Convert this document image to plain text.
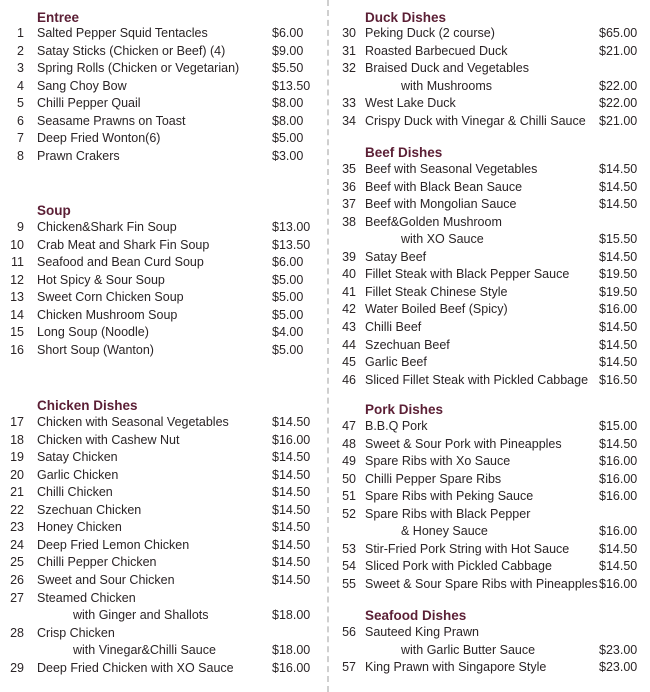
Entree
1 Salted Pepper Squid Tentacles	$6.00
2 Satay Sticks (Chicken or Beef) (4)	$9.00
3 Spring Rolls (Chicken or Vegetarian)	$5.50
4 Sang Choy Bow	$13.50
5 Chilli Pepper Quail	$8.00
6 Seasame Prawns on Toast	$8.00
7 Deep Fried Wonton(6)	$5.00
8 Prawn Crakers	$3.00
Soup
9 Chicken&Shark Fin Soup	$13.00
10 Crab Meat and Shark Fin Soup	$13.50
11 Seafood and Bean Curd Soup	$6.00
12 Hot Spicy & Sour Soup	$5.00
13 Sweet Corn Chicken Soup	$5.00
14 Chicken Mushroom Soup	$5.00
15 Long Soup (Noodle)	$4.00
16 Short Soup (Wanton)	$5.00
Chicken Dishes
17 Chicken with Seasonal Vegetables	$14.50
18 Chicken with Cashew Nut	$16.00
19 Satay Chicken	$14.50
20 Garlic Chicken	$14.50
21 Chilli Chicken	$14.50
22 Szechuan Chicken	$14.50
23 Honey Chicken	$14.50
24 Deep Fried Lemon Chicken	$14.50
25 Chilli Pepper Chicken	$14.50
26 Sweet and Sour Chicken	$14.50
27 Steamed Chicken
with Ginger and Shallots	$18.00
28 Crisp Chicken
with Vinegar&Chilli Sauce	$18.00
29 Deep Fried Chicken with XO Sauce	$16.00
Duck Dishes
30 Peking Duck (2 course)	$65.00
31 Roasted Barbecued Duck	$21.00
32 Braised Duck and Vegetables
with Mushrooms	$22.00
33 West Lake Duck	$22.00
34 Crispy Duck with Vinegar & Chilli Sauce $21.00
Beef Dishes
35 Beef with Seasonal Vegetables	$14.50
36 Beef with Black Bean Sauce	$14.50
37 Beef with Mongolian Sauce	$14.50
38 Beef&Golden Mushroom
with XO Sauce	$15.50
39 Satay Beef	$14.50
40 Fillet Steak with Black Pepper Sauce $19.50
41 Fillet Steak Chinese Style	$19.50
42 Water Boiled Beef (Spicy)	$16.00
43 Chilli Beef	$14.50
44 Szechuan Beef	$14.50
45 Garlic Beef	$14.50
46 Sliced Fillet Steak with Pickled Cabbage $16.50
Pork Dishes
47 B.B.Q Pork	$15.00
48 Sweet & Sour Pork with Pineapples	$14.50
49 Spare Ribs with Xo Sauce	$16.00
50 Chilli Pepper Spare Ribs	$16.00
51 Spare Ribs with Peking Sauce	$16.00
52 Spare Ribs with Black Pepper
& Honey Sauce	$16.00
53 Stir-Fried Pork String with Hot Sauce $14.50
54 Sliced Pork with Pickled Cabbage	$14.50
55 Sweet & Sour Spare Ribs with Pineapples $16.00
Seafood Dishes
56 Sauteed King Prawn
with Garlic Butter Sauce	$23.00
57 King Prawn with Singapore Style	$23.00
